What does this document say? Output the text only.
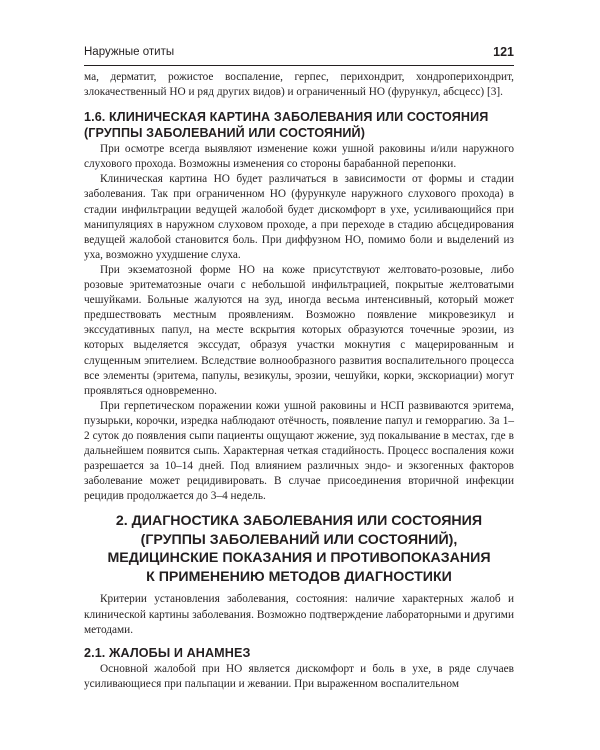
Наружные отиты	121

ма, дерматит, рожистое воспаление, герпес, перихондрит, хондроперихондрит, злокачественный НО и ряд других видов) и ограниченный НО (фурункул, абсцесс) [3].

1.6. КЛИНИЧЕСКАЯ КАРТИНА ЗАБОЛЕВАНИЯ ИЛИ СОСТОЯНИЯ
(ГРУППЫ ЗАБОЛЕВАНИЙ ИЛИ СОСТОЯНИЙ)

При осмотре всегда выявляют изменение кожи ушной раковины и/или наружного слухового прохода. Возможны изменения со стороны барабанной перепонки.

Клиническая картина НО будет различаться в зависимости от формы и стадии заболевания. Так при ограниченном НО (фурункуле наружного слухового прохода) в стадии инфильтрации ведущей жалобой будет дискомфорт в ухе, усиливающийся при манипуляциях в наружном слуховом проходе, а при переходе в стадию абсцедирования ведущей жалобой становится боль. При диффузном НО, помимо боли и выделений из уха, возможно ухудшение слуха.

При экзематозной форме НО на коже присутствуют желтовато-розовые, либо розовые эритематозные очаги с небольшой инфильтрацией, покрытые желтоватыми чешуйками. Больные жалуются на зуд, иногда весьма интенсивный, который может предшествовать местным проявлениям. Возможно появление микровезикул и экссудативных папул, на месте вскрытия которых образуются точечные эрозии, из которых выделяется экссудат, образуя участки мокнутия с мацерированным и слущенным эпителием. Вследствие волнообразного развития воспалительного процесса все элементы (эритема, папулы, везикулы, эрозии, чешуйки, корки, экскориации) могут проявляться одновременно.

При герпетическом поражении кожи ушной раковины и НСП развиваются эритема, пузырьки, корочки, изредка наблюдают отёчность, появление папул и геморрагию. За 1–2 суток до появления сыпи пациенты ощущают жжение, зуд покалывание в местах, где в дальнейшем появится сыпь. Характерная четкая стадийность. Процесс воспаления кожи разрешается за 10–14 дней. Под влиянием различных эндо- и экзогенных факторов заболевание может рецидивировать. В случае присоединения вторичной инфекции рецидив продолжается до 3–4 недель.

2. ДИАГНОСТИКА ЗАБОЛЕВАНИЯ ИЛИ СОСТОЯНИЯ
(ГРУППЫ ЗАБОЛЕВАНИЙ ИЛИ СОСТОЯНИЙ),
МЕДИЦИНСКИЕ ПОКАЗАНИЯ И ПРОТИВОПОКАЗАНИЯ
К ПРИМЕНЕНИЮ МЕТОДОВ ДИАГНОСТИКИ

Критерии установления заболевания, состояния: наличие характерных жалоб и клинической картины заболевания. Возможно подтверждение лабораторными и другими методами.

2.1. ЖАЛОБЫ И АНАМНЕЗ

Основной жалобой при НО является дискомфорт и боль в ухе, в ряде случаев усиливающиеся при пальпации и жевании. При выраженном воспалительном
